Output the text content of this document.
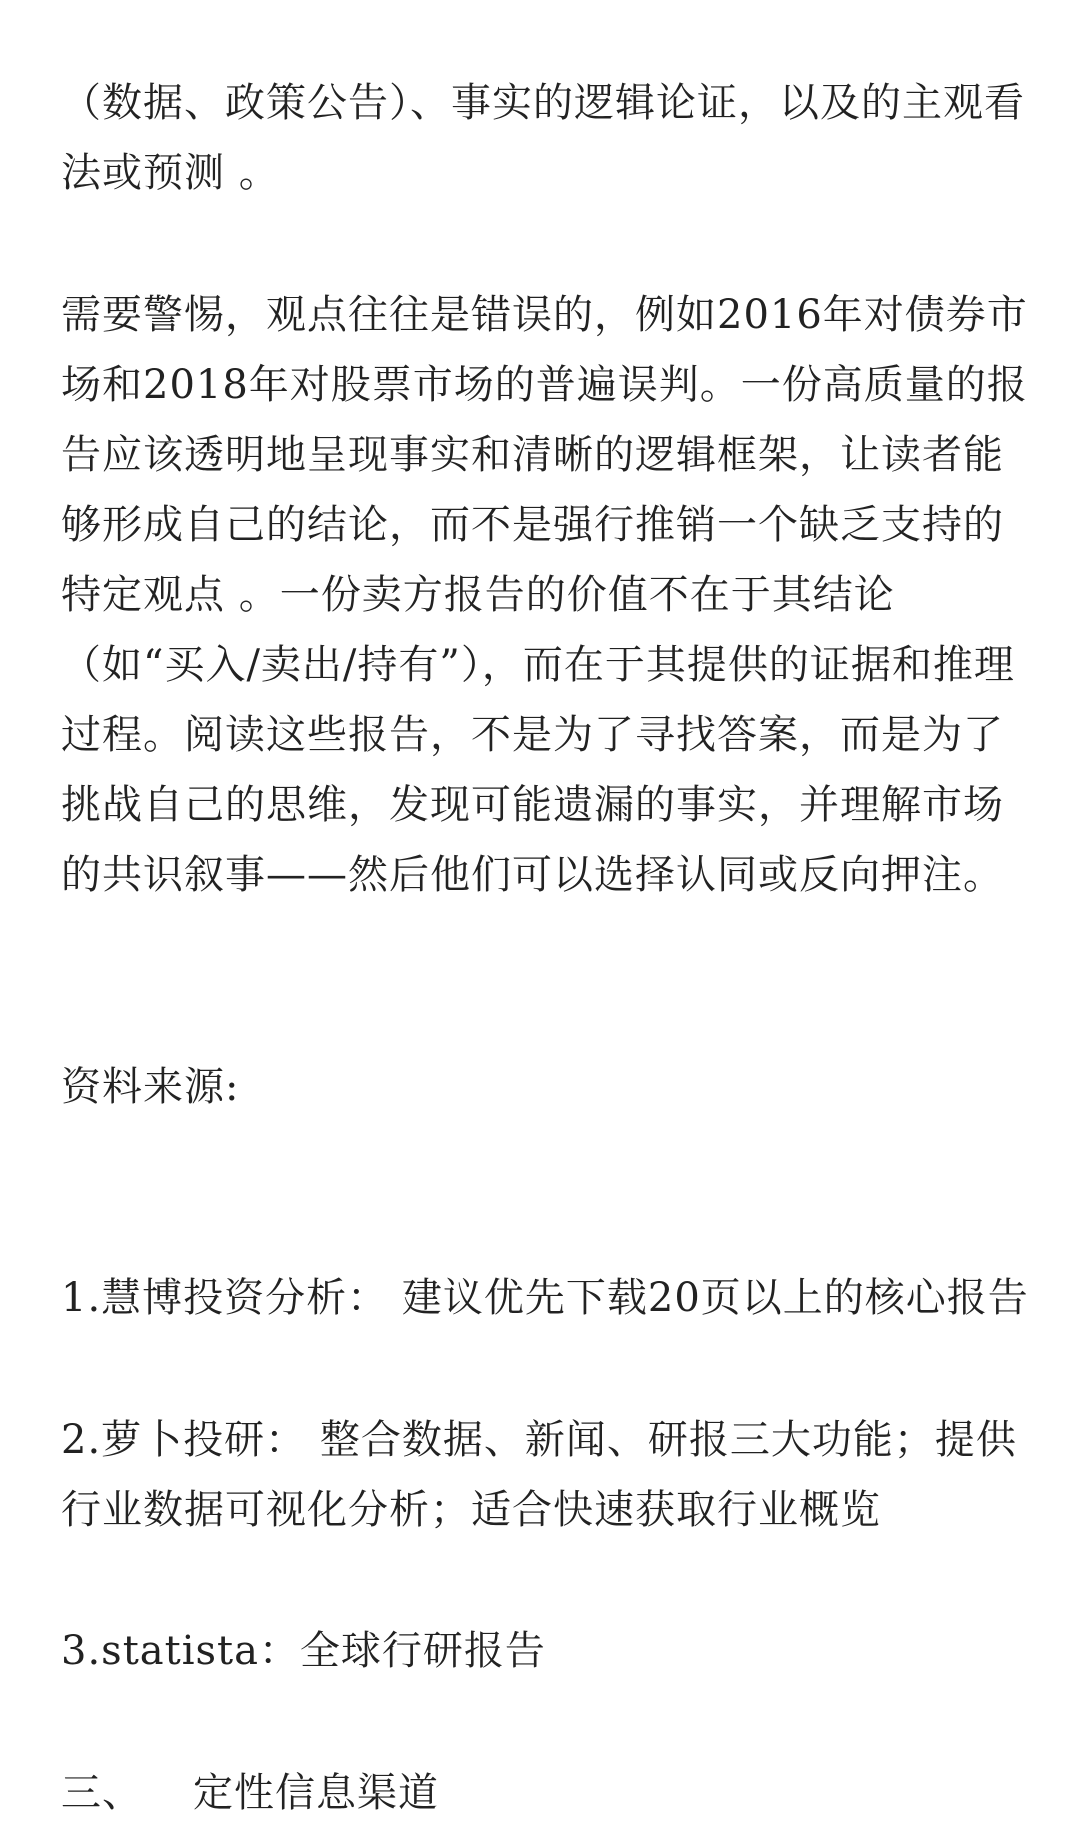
（数据、政策公告）、事实的逻辑论证，以及的主观看法或预测 。

需要警惕，观点往往是错误的，例如2016年对债券市场和2018年对股票市场的普遍误判。一份高质量的报告应该透明地呈现事实和清晰的逻辑框架，让读者能够形成自己的结论，而不是强行推销一个缺乏支持的特定观点 。一份卖方报告的价值不在于其结论（如“买入/卖出/持有”），而在于其提供的证据和推理过程。阅读这些报告，不是为了寻找答案，而是为了挑战自己的思维，发现可能遗漏的事实，并理解市场的共识叙事——然后他们可以选择认同或反向押注。

资料来源:

1.慧博投资分析： 建议优先下载20页以上的核心报告

2.萝卜投研： 整合数据、新闻、研报三大功能；提供行业数据可视化分析；适合快速获取行业概览

3.statista：全球行研报告

三、 定性信息渠道
